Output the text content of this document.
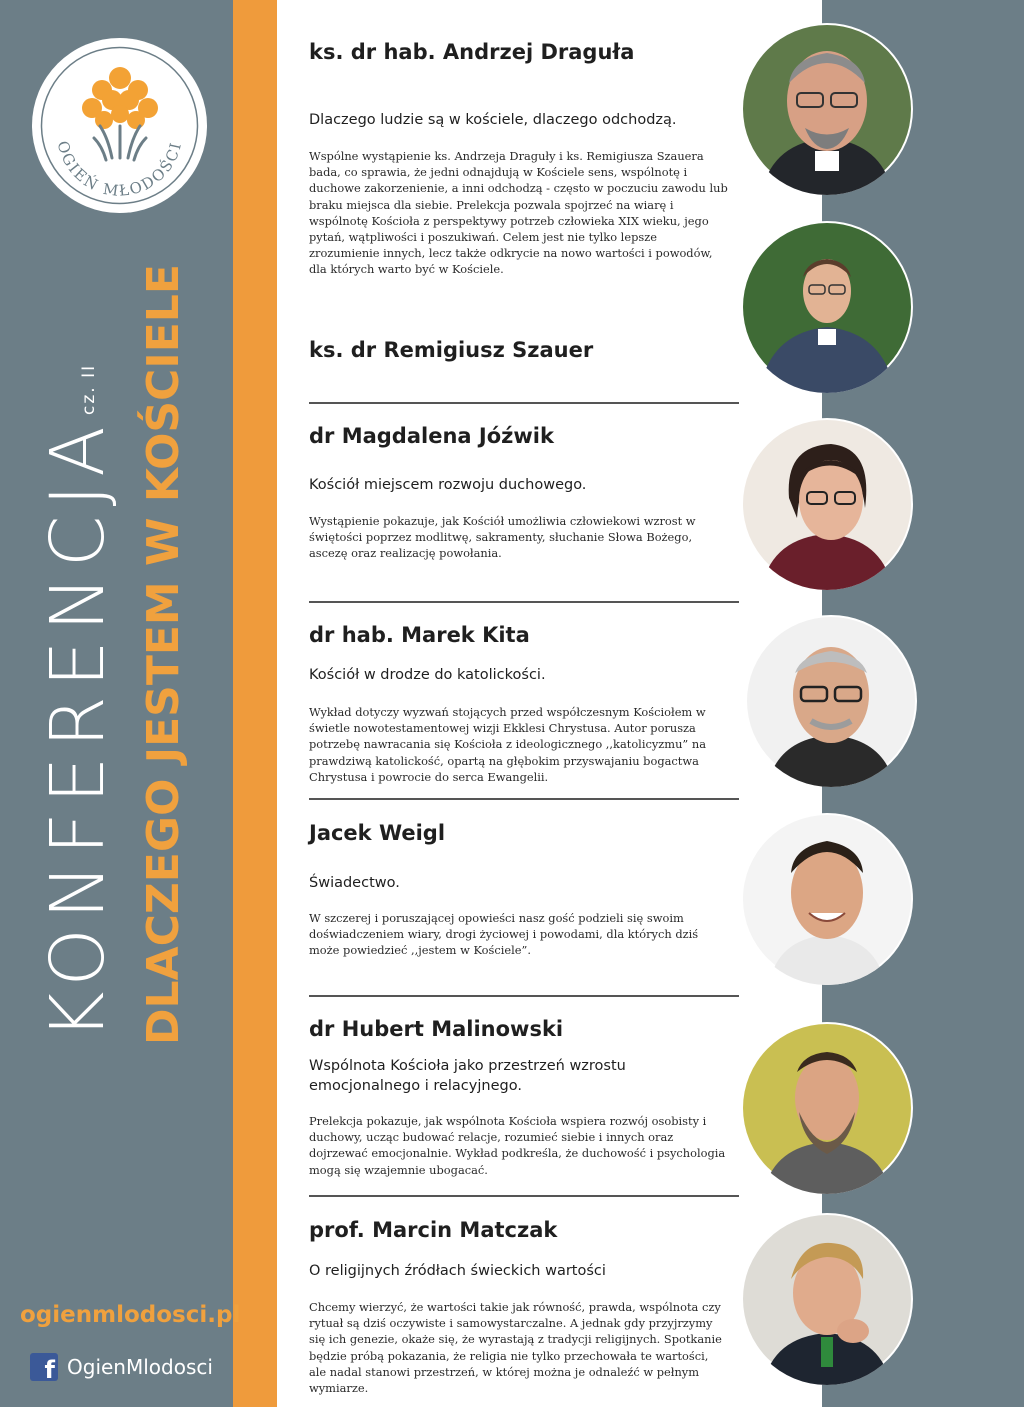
OGIEŃ MŁODOŚCI
KONFERENCJA
cz. II DLACZEGO JESTEM W KOŚCIELE
ogienmlodosci.pl
f OgienMlodosci
ks. dr hab. Andrzej Draguła
Dlaczego ludzie są w kościele, dlaczego odchodzą.
Wspólne wystąpienie ks. Andrzeja Draguły i ks. Remigiusza Szauera bada, co sprawia, że jedni odnajdują w Kościele sens, wspólnotę i duchowe zakorzenienie, a inni odchodzą - często w poczuciu zawodu lub braku miejsca dla siebie. Prelekcja pozwala spojrzeć na wiarę i wspólnotę Kościoła z perspektywy potrzeb człowieka XIX wieku, jego pytań, wątpliwości i poszukiwań. Celem jest nie tylko lepsze zrozumienie innych, lecz także odkrycie na nowo wartości i powodów, dla których warto być w Kościele.
ks. dr Remigiusz Szauer
dr Magdalena Jóźwik
Kościół miejscem rozwoju duchowego.
Wystąpienie pokazuje, jak Kościół umożliwia człowiekowi wzrost w świętości poprzez modlitwę, sakramenty, słuchanie Słowa Bożego, ascezę oraz realizację powołania.
dr hab. Marek Kita
Kościół w drodze do katolickości.
Wykład dotyczy wyzwań stojących przed współczesnym Kościołem w świetle nowotestamentowej wizji Ekklesi Chrystusa. Autor porusza potrzebę nawracania się Kościoła z ideologicznego ,,katolicyzmu” na prawdziwą katolickość, opartą na głębokim przyswajaniu bogactwa Chrystusa i powrocie do serca Ewangelii.
Jacek Weigl
Świadectwo.
W szczerej i poruszającej opowieści nasz gość podzieli się swoim doświadczeniem wiary, drogi życiowej i powodami, dla których dziś może powiedzieć ,,jestem w Kościele”.
dr Hubert Malinowski
Wspólnota Kościoła jako przestrzeń wzrostu emocjonalnego i relacyjnego.
Prelekcja pokazuje, jak wspólnota Kościoła wspiera rozwój osobisty i duchowy, ucząc budować relacje, rozumieć siebie i innych oraz dojrzewać emocjonalnie. Wykład podkreśla, że duchowość i psychologia mogą się wzajemnie ubogacać.
prof. Marcin Matczak
O religijnych źródłach świeckich wartości
Chcemy wierzyć, że wartości takie jak równość, prawda, wspólnota czy rytuał są dziś oczywiste i samowystarczalne. A jednak gdy przyjrzymy się ich genezie, okaże się, że wyrastają z tradycji religijnych. Spotkanie będzie próbą pokazania, że religia nie tylko przechowała te wartości, ale nadal stanowi przestrzeń, w której można je odnaleźć w pełnym wymiarze.
